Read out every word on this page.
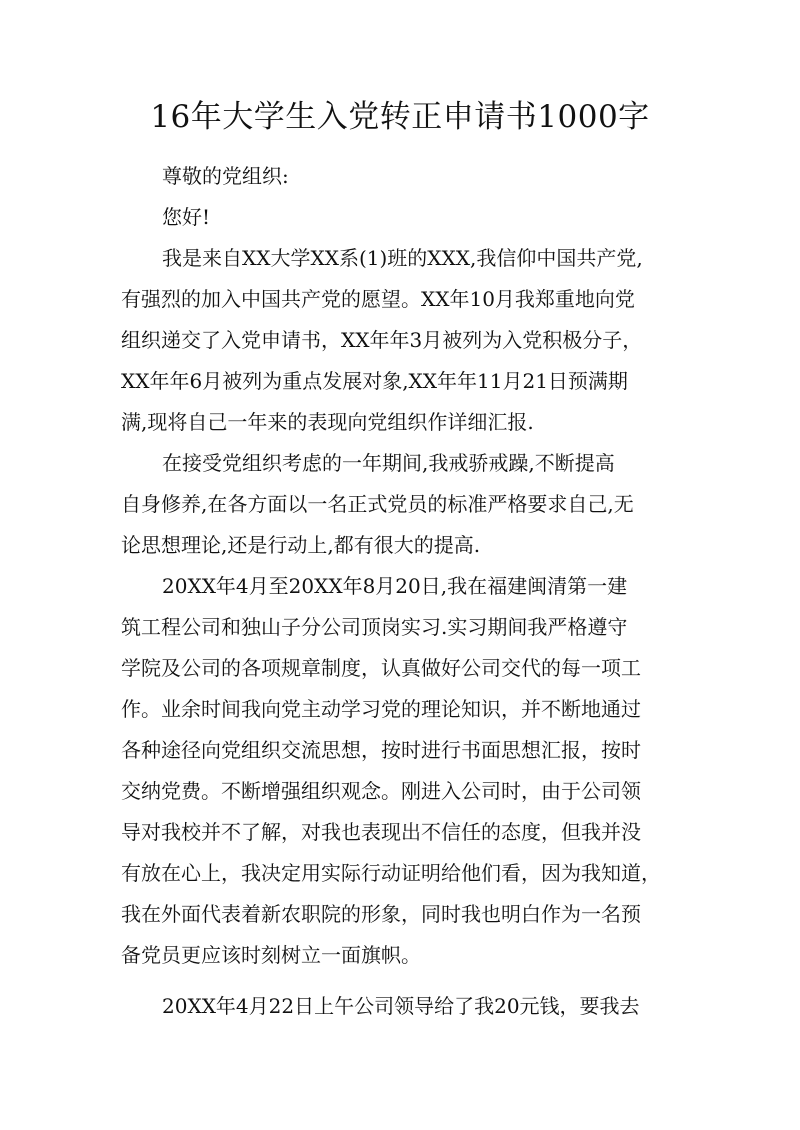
16年大学生入党转正申请书1000字
尊敬的党组织:
您好!
我是来自XX大学XX系(1)班的XXX,我信仰中国共产党,
有强烈的加入中国共产党的愿望。XX年10月我郑重地向党
组织递交了入党申请书，XX年年3月被列为入党积极分子，
XX年年6月被列为重点发展对象,XX年年11月21日预满期
满,现将自己一年来的表现向党组织作详细汇报.
在接受党组织考虑的一年期间,我戒骄戒躁,不断提高
自身修养,在各方面以一名正式党员的标准严格要求自己,无
论思想理论,还是行动上,都有很大的提高.
20XX年4月至20XX年8月20日,我在福建闽清第一建
筑工程公司和独山子分公司顶岗实习.实习期间我严格遵守
学院及公司的各项规章制度，认真做好公司交代的每一项工
作。业余时间我向党主动学习党的理论知识，并不断地通过
各种途径向党组织交流思想，按时进行书面思想汇报，按时
交纳党费。不断增强组织观念。刚进入公司时，由于公司领
导对我校并不了解，对我也表现出不信任的态度，但我并没
有放在心上，我决定用实际行动证明给他们看，因为我知道，
我在外面代表着新农职院的形象，同时我也明白作为一名预
备党员更应该时刻树立一面旗帜。
20XX年4月22日上午公司领导给了我20元钱，要我去
